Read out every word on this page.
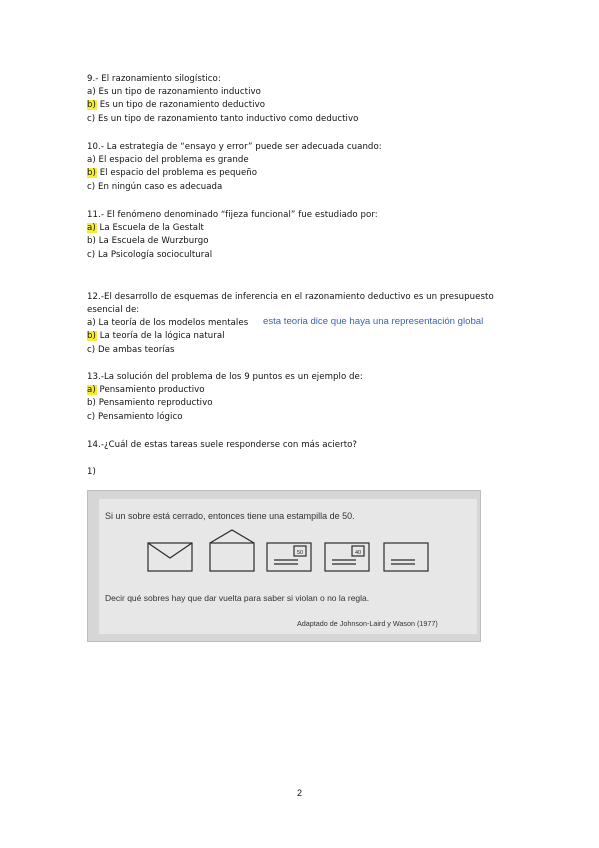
9.- El razonamiento silogístico:
a) Es un tipo de razonamiento inductivo
b) Es un tipo de razonamiento deductivo
c) Es un tipo de razonamiento tanto inductivo como deductivo
10.- La estrategia de “ensayo y error” puede ser adecuada cuando:
a) El espacio del problema es grande
b) El espacio del problema es pequeño
c) En ningún caso es adecuada
11.- El fenómeno denominado “fijeza funcional” fue estudiado por:
a) La Escuela de la Gestalt
b) La Escuela de Wurzburgo
c) La Psicología sociocultural
12.-El desarrollo de esquemas de inferencia en el razonamiento deductivo es un presupuesto
esencial de:
a) La teoría de los modelos mentales esta teoria dice que haya una representación global
b) La teoría de la lógica natural
c) De ambas teorías
13.-La solución del problema de los 9 puntos es un ejemplo de:
a) Pensamiento productivo
b) Pensamiento reproductivo
c) Pensamiento lógico
14.-¿Cuál de estas tareas suele responderse con más acierto?
1)
Si un sobre está cerrado, entonces tiene una estampilla de 50.
50	40
Decir qué sobres hay que dar vuelta para saber si violan o no la regla.
Adaptado de Johnson-Laird y Wason (1977)
2
